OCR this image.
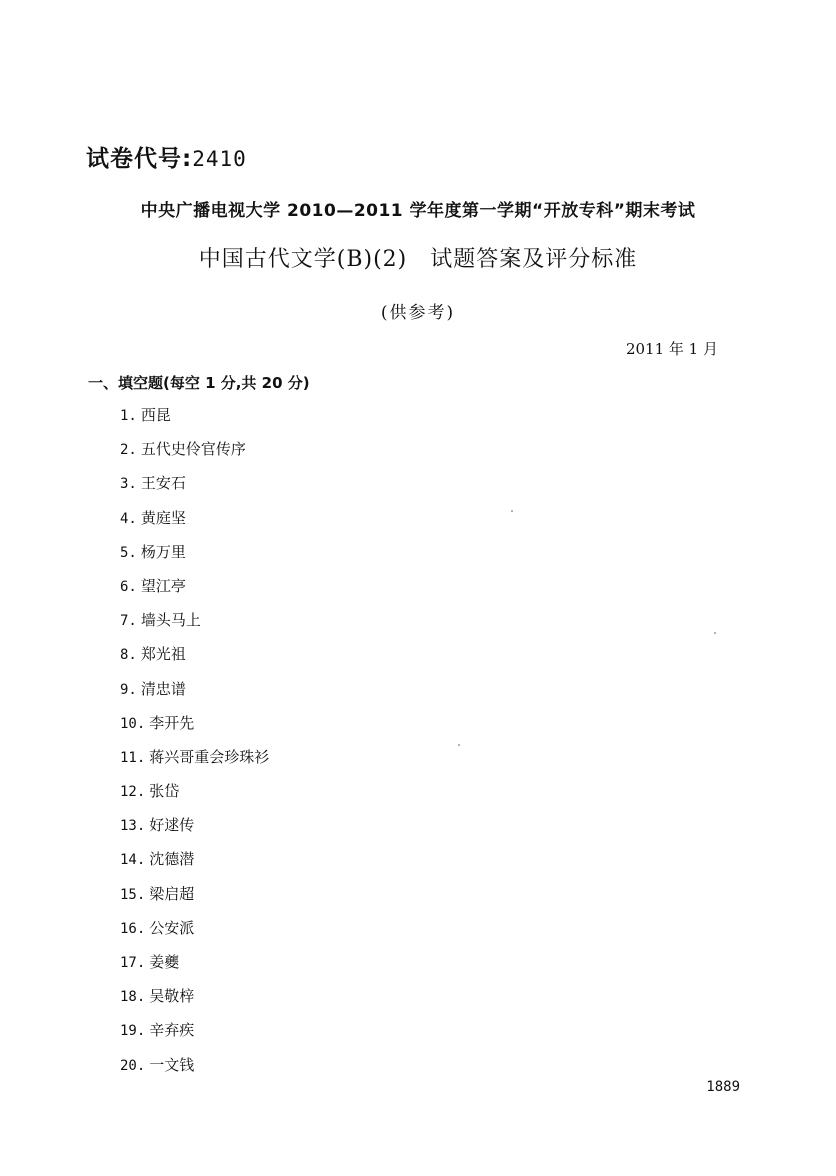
试卷代号:2410
中央广播电视大学 2010—2011 学年度第一学期“开放专科”期末考试
中国古代文学(B)(2)　试题答案及评分标准
(供参考)
2011 年 1 月
一、填空题(每空 1 分,共 20 分)
1. 西昆
2. 五代史伶官传序
3. 王安石
4. 黄庭坚
5. 杨万里
6. 望江亭
7. 墙头马上
8. 郑光祖
9. 清忠谱
10. 李开先
11. 蒋兴哥重会珍珠衫
12. 张岱
13. 好逑传
14. 沈德潜
15. 梁启超
16. 公安派
17. 姜夔
18. 吴敬梓
19. 辛弃疾
20. 一文钱
1889
